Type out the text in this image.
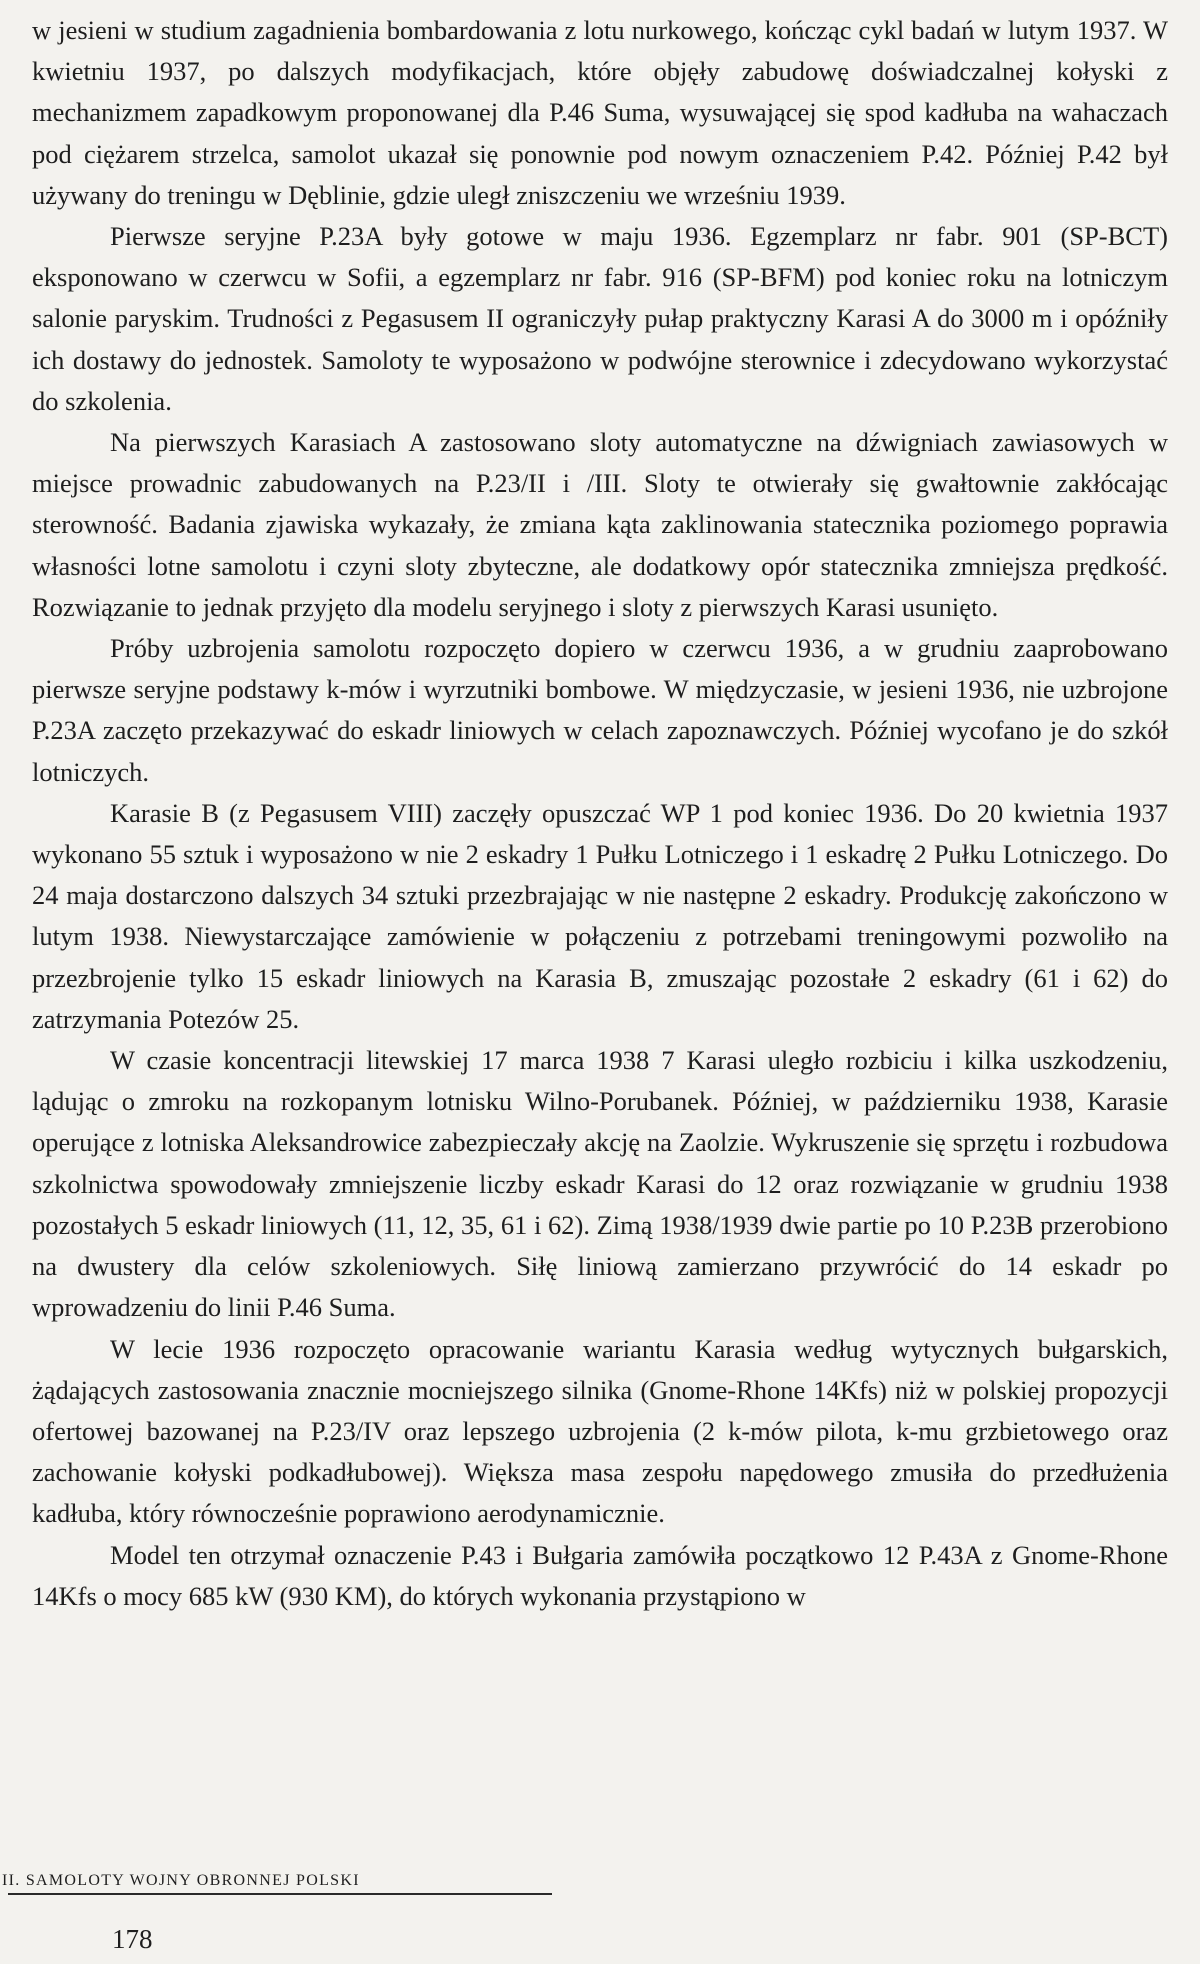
w jesieni w studium zagadnienia bombardowania z lotu nurkowego, kończąc cykl badań w lutym 1937. W kwietniu 1937, po dalszych modyfikacjach, które objęły zabudowę doświadczalnej kołyski z mechanizmem zapadkowym proponowanej dla P.46 Suma, wysuwającej się spod kadłuba na wahaczach pod ciężarem strzelca, samolot ukazał się ponownie pod nowym oznaczeniem P.42. Później P.42 był używany do treningu w Dęblinie, gdzie uległ zniszczeniu we wrześniu 1939.

Pierwsze seryjne P.23A były gotowe w maju 1936. Egzemplarz nr fabr. 901 (SP-BCT) eksponowano w czerwcu w Sofii, a egzemplarz nr fabr. 916 (SP-BFM) pod koniec roku na lotniczym salonie paryskim. Trudności z Pegasusem II ograniczyły pułap praktyczny Karasi A do 3000 m i opóźniły ich dostawy do jednostek. Samoloty te wyposażono w podwójne sterownice i zdecydowano wykorzystać do szkolenia.

Na pierwszych Karasiach A zastosowano sloty automatyczne na dźwigniach zawiasowych w miejsce prowadnic zabudowanych na P.23/II i /III. Sloty te otwierały się gwałtownie zakłócając sterowność. Badania zjawiska wykazały, że zmiana kąta zaklinowania statecznika poziomego poprawia własności lotne samolotu i czyni sloty zbyteczne, ale dodatkowy opór statecznika zmniejsza prędkość. Rozwiązanie to jednak przyjęto dla modelu seryjnego i sloty z pierwszych Karasi usunięto.

Próby uzbrojenia samolotu rozpoczęto dopiero w czerwcu 1936, a w grudniu zaaprobowano pierwsze seryjne podstawy k-mów i wyrzutniki bombowe. W międzyczasie, w jesieni 1936, nie uzbrojone P.23A zaczęto przekazywać do eskadr liniowych w celach zapoznawczych. Później wycofano je do szkół lotniczych.

Karasie B (z Pegasusem VIII) zaczęły opuszczać WP 1 pod koniec 1936. Do 20 kwietnia 1937 wykonano 55 sztuk i wyposażono w nie 2 eskadry 1 Pułku Lotniczego i 1 eskadrę 2 Pułku Lotniczego. Do 24 maja dostarczono dalszych 34 sztuki przezbrajając w nie następne 2 eskadry. Produkcję zakończono w lutym 1938. Niewystarczające zamówienie w połączeniu z potrzebami treningowymi pozwoliło na przezbrojenie tylko 15 eskadr liniowych na Karasia B, zmuszając pozostałe 2 eskadry (61 i 62) do zatrzymania Potezów 25.

W czasie koncentracji litewskiej 17 marca 1938 7 Karasi uległo rozbiciu i kilka uszkodzeniu, lądując o zmroku na rozkopanym lotnisku Wilno-Porubanek. Później, w październiku 1938, Karasie operujące z lotniska Aleksandrowice zabezpieczały akcję na Zaolzie. Wykruszenie się sprzętu i rozbudowa szkolnictwa spowodowały zmniejszenie liczby eskadr Karasi do 12 oraz rozwiązanie w grudniu 1938 pozostałych 5 eskadr liniowych (11, 12, 35, 61 i 62). Zimą 1938/1939 dwie partie po 10 P.23B przerobiono na dwustery dla celów szkoleniowych. Siłę liniową zamierzano przywrócić do 14 eskadr po wprowadzeniu do linii P.46 Suma.

W lecie 1936 rozpoczęto opracowanie wariantu Karasia według wytycznych bułgarskich, żądających zastosowania znacznie mocniejszego silnika (Gnome-Rhone 14Kfs) niż w polskiej propozycji ofertowej bazowanej na P.23/IV oraz lepszego uzbrojenia (2 k-mów pilota, k-mu grzbietowego oraz zachowanie kołyski podkadłubowej). Większa masa zespołu napędowego zmusiła do przedłużenia kadłuba, który równocześnie poprawiono aerodynamicznie.

Model ten otrzymał oznaczenie P.43 i Bułgaria zamówiła początkowo 12 P.43A z Gnome-Rhone 14Kfs o mocy 685 kW (930 KM), do których wykonania przystąpiono w

II. SAMOLOTY WOJNY OBRONNEJ POLSKI
178
